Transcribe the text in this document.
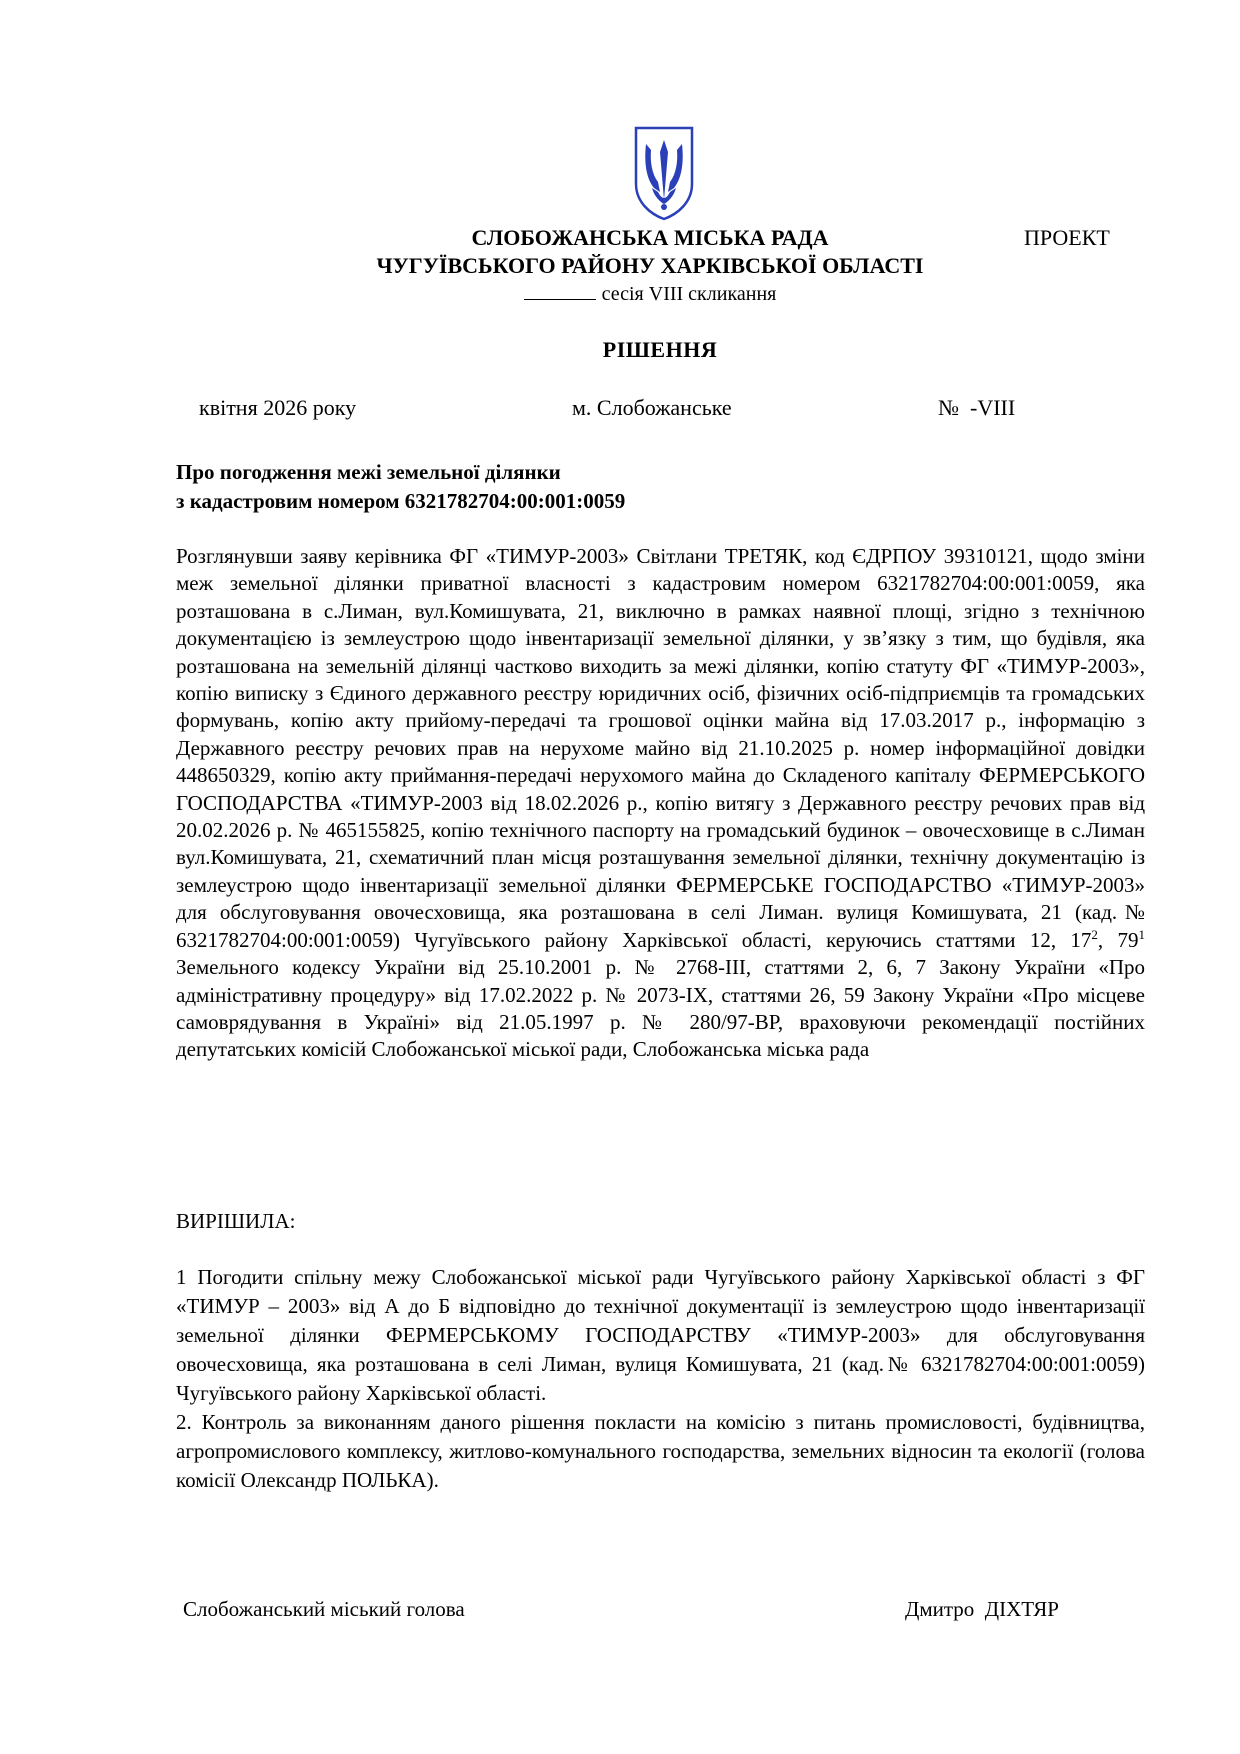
СЛОБОЖАНСЬКА МІСЬКА РАДА
ЧУГУЇВСЬКОГО РАЙОНУ ХАРКІВСЬКОЇ ОБЛАСТІ
ПРОЕКТ
сесія VIII скликання
РІШЕННЯ
квітня 2026 року	м. Слобожанське	№  -VIII
Про погодження межі земельної ділянки
з кадастровим номером 6321782704:00:001:0059
Розглянувши заяву керівника ФГ «ТИМУР-2003» Світлани ТРЕТЯК, код ЄДРПОУ 39310121, щодо зміни меж земельної ділянки приватної власності з кадастровим номером 6321782704:00:001:0059, яка розташована в с.Лиман, вул.Комишувата, 21, виключно в рамках наявної площі, згідно з технічною документацією із землеустрою щодо інвентаризації земельної ділянки, у зв’язку з тим, що будівля, яка розташована на земельній ділянці частково виходить за межі ділянки, копію статуту ФГ «ТИМУР-2003», копію виписку з Єдиного державного реєстру юридичних осіб, фізичних осіб-підприємців та громадських формувань, копію акту прийому-передачі та грошової оцінки майна від 17.03.2017 р., інформацію з Державного реєстру речових прав на нерухоме майно від 21.10.2025 р. номер інформаційної довідки 448650329, копію акту приймання-передачі нерухомого майна до Складеного капіталу ФЕРМЕРСЬКОГО ГОСПОДАРСТВА «ТИМУР-2003 від 18.02.2026 р., копію витягу з Державного реєстру речових прав від 20.02.2026 р. № 465155825, копію технічного паспорту на громадський будинок – овочесховище в с.Лиман вул.Комишувата, 21, схематичний план місця розташування земельної ділянки, технічну документацію із землеустрою щодо інвентаризації земельної ділянки ФЕРМЕРСЬКЕ ГОСПОДАРСТВО «ТИМУР-2003» для обслуговування овочесховища, яка розташована в селі Лиман. вулиця Комишувата, 21 (кад.№ 6321782704:00:001:0059) Чугуївського району Харківської області, керуючись статтями 12, $17^2$, $79^1$ Земельного кодексу України від 25.10.2001 р. № 2768-ІІІ, статтями 2, 6, 7 Закону України «Про адміністративну процедуру» від 17.02.2022 р. № 2073-ІХ, статтями 26, 59 Закону України «Про місцеве самоврядування в Україні» від 21.05.1997 р. № 280/97-ВР, враховуючи рекомендації постійних депутатських комісій Слобожанської міської ради, Слобожанська міська рада
ВИРІШИЛА:

1 Погодити спільну межу Слобожанської міської ради Чугуївського району Харківської області з ФГ «ТИМУР – 2003» від А до Б відповідно до технічної документації із землеустрою щодо інвентаризації земельної ділянки ФЕРМЕРСЬКОМУ ГОСПОДАРСТВУ «ТИМУР-2003» для обслуговування овочесховища, яка розташована в селі Лиман, вулиця Комишувата, 21 (кад.№ 6321782704:00:001:0059) Чугуївського району Харківської області.

2. Контроль за виконанням даного рішення покласти на комісію з питань промисловості, будівництва, агропромислового комплексу, житлово-комунального господарства, земельних відносин та екології (голова комісії Олександр ПОЛЬКА).

Слобожанський міський голова	Дмитро  ДІХТЯР
